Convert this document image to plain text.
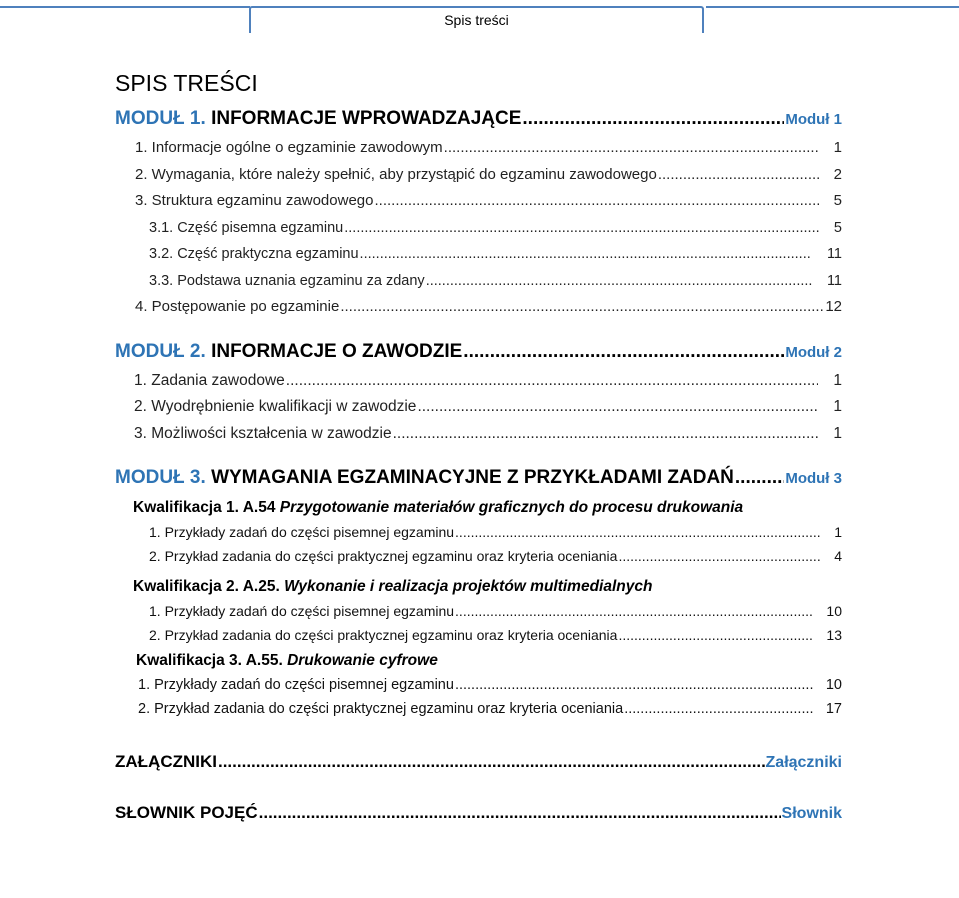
Spis treści
SPIS TREŚCI
MODUŁ 1. INFORMACJE WPROWADZAJĄCE .....	Moduł 1
1. Informacje ogólne o egzaminie zawodowym .....	1
2. Wymagania, które należy spełnić, aby przystąpić do egzaminu zawodowego .....	2
3. Struktura egzaminu zawodowego .....	5
3.1. Część pisemna egzaminu .....	5
3.2. Część praktyczna egzaminu .....	11
3.3. Podstawa uznania egzaminu za zdany .....	11
4. Postępowanie po egzaminie .....	12
MODUŁ 2. INFORMACJE O ZAWODZIE .....	Moduł 2
1. Zadania zawodowe .....	1
2. Wyodrębnienie kwalifikacji w zawodzie .....	1
3. Możliwości kształcenia w zawodzie .....	1
MODUŁ 3. WYMAGANIA EGZAMINACYJNE Z PRZYKŁADAMI ZADAŃ .....	Moduł 3
Kwalifikacja 1. A.54 Przygotowanie materiałów graficznych do procesu drukowania
1. Przykłady zadań do części pisemnej egzaminu .....	1
2. Przykład zadania do części praktycznej egzaminu oraz kryteria oceniania .....	4
Kwalifikacja 2. A.25. Wykonanie i realizacja projektów multimedialnych
1. Przykłady zadań do części pisemnej egzaminu .....	10
2. Przykład zadania do części praktycznej egzaminu oraz kryteria oceniania .....	13
Kwalifikacja 3. A.55. Drukowanie cyfrowe
1. Przykłady zadań do części pisemnej egzaminu .....	10
2. Przykład zadania do części praktycznej egzaminu oraz kryteria oceniania .....	17
ZAŁĄCZNIKI .....	Załączniki
SŁOWNIK POJĘĆ .....	Słownik
